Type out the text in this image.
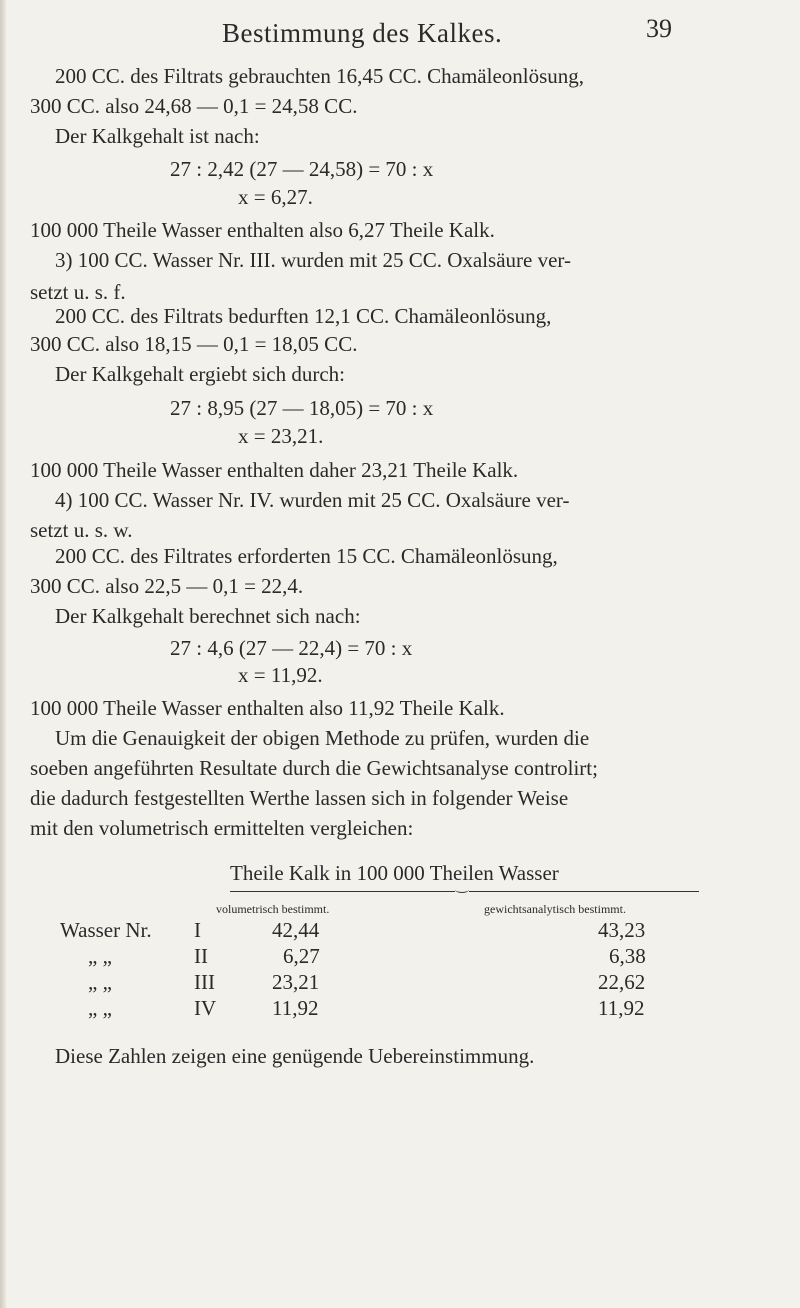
Bestimmung des Kalkes.	39
200 CC. des Filtrats gebrauchten 16,45 CC. Chamäleonlösung,
300 CC. also 24,68 — 0,1 = 24,58 CC.
Der Kalkgehalt ist nach:
27 : 2,42 (27 — 24,58) = 70 : x
x = 6,27.
100 000 Theile Wasser enthalten also 6,27 Theile Kalk.
3) 100 CC. Wasser Nr. III. wurden mit 25 CC. Oxalsäure ver-
setzt u. s. f.
200 CC. des Filtrats bedurften 12,1 CC. Chamäleonlösung,
300 CC. also 18,15 — 0,1 = 18,05 CC.
Der Kalkgehalt ergiebt sich durch:
27 : 8,95 (27 — 18,05) = 70 : x
x = 23,21.
100 000 Theile Wasser enthalten daher 23,21 Theile Kalk.
4) 100 CC. Wasser Nr. IV. wurden mit 25 CC. Oxalsäure ver-
setzt u. s. w.
200 CC. des Filtrates erforderten 15 CC. Chamäleonlösung,
300 CC. also 22,5 — 0,1 = 22,4.
Der Kalkgehalt berechnet sich nach:
27 : 4,6 (27 — 22,4) = 70 : x
x = 11,92.
100 000 Theile Wasser enthalten also 11,92 Theile Kalk.
Um die Genauigkeit der obigen Methode zu prüfen, wurden die
soeben angeführten Resultate durch die Gewichtsanalyse controlirt;
die dadurch festgestellten Werthe lassen sich in folgender Weise
mit den volumetrisch ermittelten vergleichen:
Theile Kalk in 100 000 Theilen Wasser
volumetrisch bestimmt.	gewichtsanalytisch bestimmt.
Wasser Nr. I	42,44	43,23
„ „	II	6,27	6,38
„ „	III	23,21	22,62
„ „	IV	11,92	11,92
Diese Zahlen zeigen eine genügende Uebereinstimmung.
